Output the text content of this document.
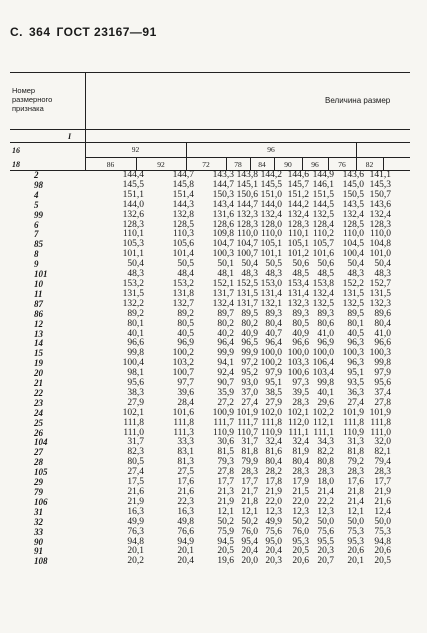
С. 364 ГОСТ 23167—91
Номер
размерного
признака
Величина размер
I
16
18
92	96
86	92	72	78	84	90	96	76	82
2	144,4	144,7	143,3	143,8	144,2	144,6	144,9	143,6	141,1
98	145,5	145,8	144,7	145,1	145,5	145,7	146,1	145,0	145,3
4	151,1	151,4	150,3	150,6	151,0	151,2	151,5	150,5	150,7
5	144,0	144,3	143,4	144,7	144,0	144,2	144,5	143,5	143,6
99	132,6	132,8	131,6	132,3	132,4	132,4	132,5	132,4	132,4
6	128,3	128,5	128,6	128,3	128,0	128,3	128,4	128,5	128,3
7	110,1	110,3	109,8	110,0	110,0	110,1	110,2	110,0	110,0
85	105,3	105,6	104,7	104,7	105,1	105,1	105,7	104,5	104,8
8	101,1	101,4	100,3	100,7	101,1	101,2	101,6	100,4	101,0
9	50,4	50,5	50,1	50,4	50,5	50,6	50,6	50,4	50,4
101	48,3	48,4	48,1	48,3	48,3	48,5	48,5	48,3	48,3
10	153,2	153,2	152,1	152,5	153,0	153,4	153,8	152,2	152,7
11	131,5	131,8	131,7	131,5	131,4	131,4	132,4	131,5	131,5
87	132,2	132,7	132,4	131,7	132,1	132,3	132,5	132,5	132,3
86	89,2	89,2	89,7	89,5	89,3	89,3	89,3	89,5	89,6
12	80,1	80,5	80,2	80,2	80,4	80,5	80,6	80,1	80,4
13	40,1	40,5	40,2	40,9	40,7	40,9	41,0	40,5	41,0
14	96,6	96,9	96,4	96,5	96,4	96,6	96,9	96,3	96,6
15	99,8	100,2	99,9	99,9	100,0	100,0	100,0	100,3	100,3
19	100,4	103,2	94,1	97,2	100,2	103,3	106,4	96,3	99,8
20	98,1	100,7	92,4	95,2	97,9	100,6	103,4	95,1	97,9
21	95,6	97,7	90,7	93,0	95,1	97,3	99,8	93,5	95,6
22	38,3	39,6	35,9	37,0	38,5	39,5	40,1	36,3	37,4
23	27,9	28,4	27,2	27,4	27,9	28,3	29,6	27,4	27,8
24	102,1	101,6	100,9	101,9	102,0	102,1	102,2	101,9	101,9
25	111,8	111,8	111,7	111,7	111,8	112,0	112,1	111,8	111,8
26	111,0	111,3	110,9	110,7	110,9	111,1	111,1	110,9	111,0
104	31,7	33,3	30,6	31,7	32,4	32,4	34,3	31,3	32,0
27	82,3	83,1	81,5	81,8	81,6	81,9	82,2	81,8	82,1
28	80,5	81,3	79,3	79,9	80,4	80,4	80,8	79,2	79,4
105	27,4	27,5	27,8	28,3	28,2	28,3	28,3	28,3	28,3
29	17,5	17,6	17,7	17,7	17,8	17,9	18,0	17,6	17,7
79	21,6	21,6	21,3	21,7	21,9	21,5	21,4	21,8	21,9
106	21,9	22,3	21,9	21,8	22,0	22,0	22,2	21,4	21,6
31	16,3	16,3	12,1	12,1	12,3	12,3	12,3	12,1	12,4
32	49,9	49,8	50,2	50,2	49,9	50,2	50,0	50,0	50,0
33	76,3	76,6	75,9	76,0	75,6	76,0	75,6	75,3	75,3
90	94,8	94,9	94,5	95,4	95,0	95,3	95,5	95,3	94,8
91	20,1	20,1	20,5	20,4	20,4	20,5	20,3	20,6	20,6
108	20,2	20,4	19,6	20,0	20,3	20,6	20,7	20,1	20,5
